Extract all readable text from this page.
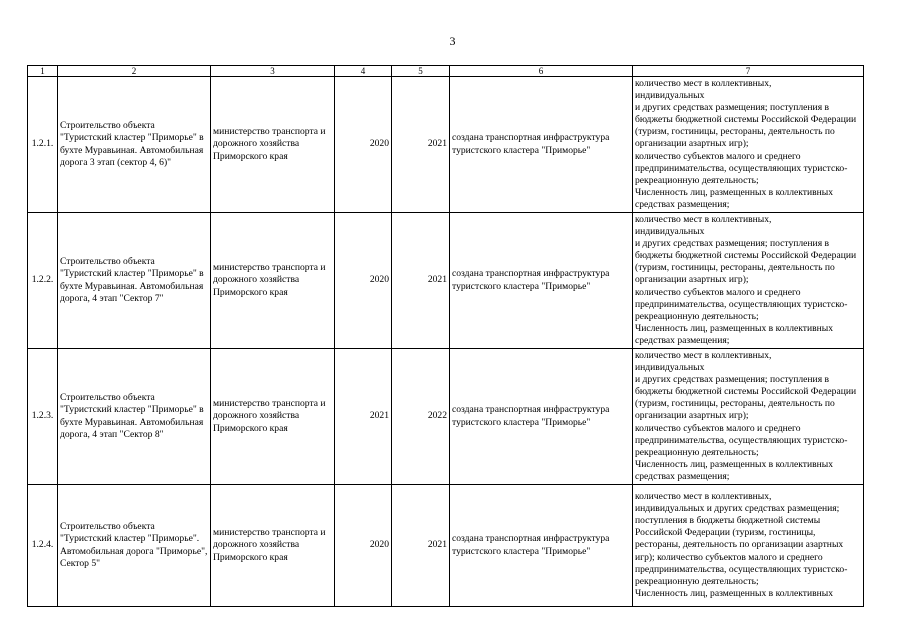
3
1	2	3	4	5	6	7
1.2.1.	Строительство объекта "Туристский кластер "Приморье" в бухте Муравьиная. Автомобильная дорога 3 этап (сектор 4, 6)"	министерство транспорта и дорожного хозяйства Приморского края	2020	2021	создана транспортная инфраструктура туристского кластера "Приморье"	количество мест в коллективных,
индивидуальных
и других средствах размещения; поступления в бюджеты бюджетной системы Российской Федерации (туризм, гостиницы, рестораны, деятельность по организации азартных игр);
количество субъектов малого и среднего предпринимательства, осуществляющих туристско-рекреационную деятельность;
Численность лиц, размещенных в коллективных средствах размещения;

1.2.2.	Строительство объекта "Туристский кластер "Приморье" в бухте Муравьиная. Автомобильная дорога, 4 этап "Сектор 7"	министерство транспорта и дорожного хозяйства Приморского края	2020	2021	создана транспортная инфраструктура туристского кластера "Приморье"	количество мест в коллективных,
индивидуальных
и других средствах размещения; поступления в бюджеты бюджетной системы Российской Федерации (туризм, гостиницы, рестораны, деятельность по организации азартных игр);
количество субъектов малого и среднего предпринимательства, осуществляющих туристско-рекреационную деятельность;
Численность лиц, размещенных в коллективных средствах размещения;

1.2.3.	Строительство объекта "Туристский кластер "Приморье" в бухте Муравьиная. Автомобильная дорога, 4 этап "Сектор 8"	министерство транспорта и дорожного хозяйства Приморского края	2021	2022	создана транспортная инфраструктура туристского кластера "Приморье"	количество мест в коллективных,
индивидуальных
и других средствах размещения; поступления в бюджеты бюджетной системы Российской Федерации (туризм, гостиницы, рестораны, деятельность по организации азартных игр);
количество субъектов малого и среднего предпринимательства, осуществляющих туристско-рекреационную деятельность;
Численность лиц, размещенных в коллективных средствах размещения;

1.2.4.	Строительство объекта "Туристский кластер "Приморье". Автомобильная дорога "Приморье", Сектор 5"	министерство транспорта и дорожного хозяйства Приморского края	2020	2021	создана транспортная инфраструктура туристского кластера "Приморье"	количество мест в коллективных,
индивидуальных и других средствах размещения; поступления в бюджеты бюджетной системы Российской Федерации (туризм, гостиницы, рестораны, деятельность по организации азартных игр); количество субъектов малого и среднего предпринимательства, осуществляющих туристско-рекреационную деятельность;
Численность лиц, размещенных в коллективных
